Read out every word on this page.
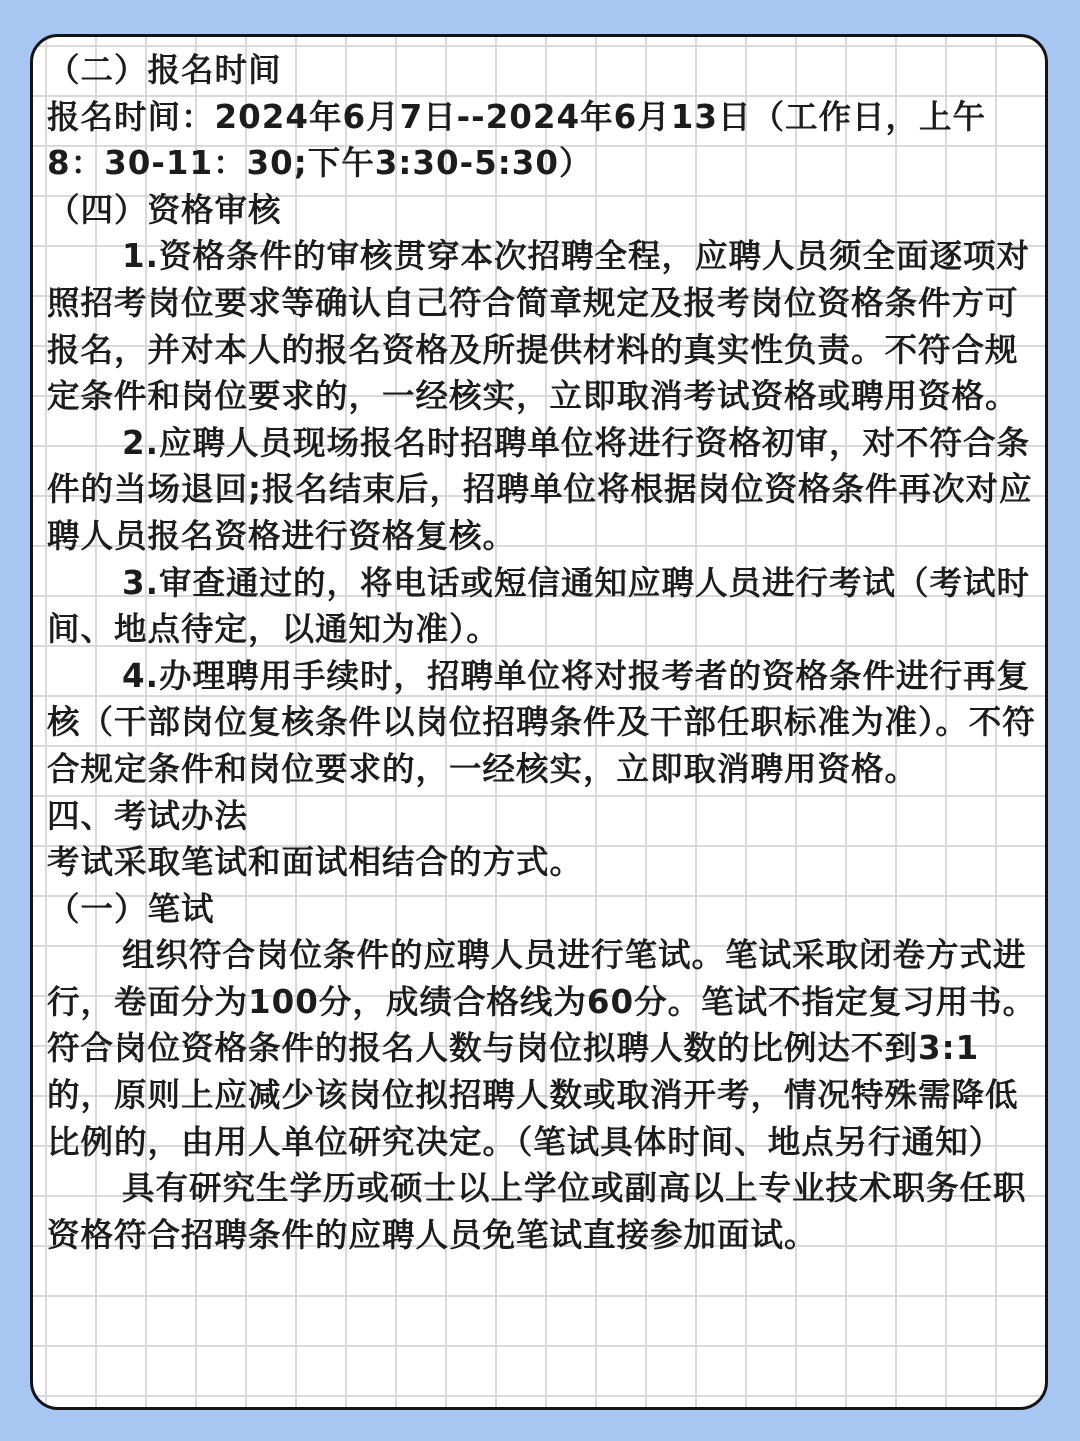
（二）报名时间

报名时间：2024年6月7日--2024年6月13日（工作日，上午8：30-11：30;下午3:30-5:30）

（四）资格审核

1.资格条件的审核贯穿本次招聘全程，应聘人员须全面逐项对照招考岗位要求等确认自己符合简章规定及报考岗位资格条件方可报名，并对本人的报名资格及所提供材料的真实性负责。不符合规定条件和岗位要求的，一经核实，立即取消考试资格或聘用资格。

2.应聘人员现场报名时招聘单位将进行资格初审，对不符合条件的当场退回;报名结束后，招聘单位将根据岗位资格条件再次对应聘人员报名资格进行资格复核。

3.审查通过的，将电话或短信通知应聘人员进行考试（考试时间、地点待定，以通知为准）。

4.办理聘用手续时，招聘单位将对报考者的资格条件进行再复核（干部岗位复核条件以岗位招聘条件及干部任职标准为准）。不符合规定条件和岗位要求的，一经核实，立即取消聘用资格。

四、考试办法

考试采取笔试和面试相结合的方式。

（一）笔试

组织符合岗位条件的应聘人员进行笔试。笔试采取闭卷方式进行，卷面分为100分，成绩合格线为60分。笔试不指定复习用书。符合岗位资格条件的报名人数与岗位拟聘人数的比例达不到3:1的，原则上应减少该岗位拟招聘人数或取消开考，情况特殊需降低比例的，由用人单位研究决定。（笔试具体时间、地点另行通知）

具有研究生学历或硕士以上学位或副高以上专业技术职务任职资格符合招聘条件的应聘人员免笔试直接参加面试。
